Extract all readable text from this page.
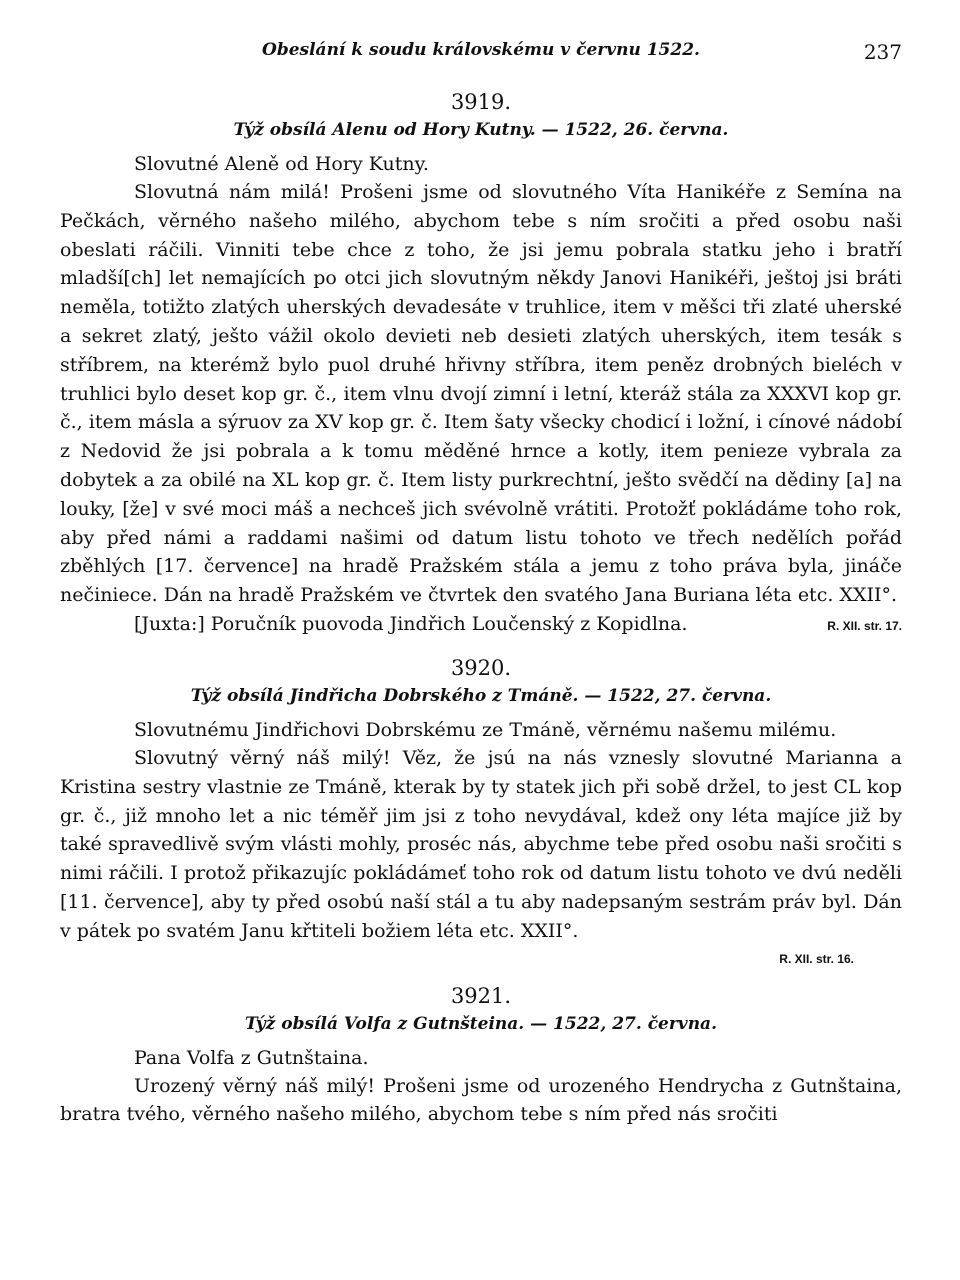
Obeslání k soudu královskému v červnu 1522.	237
3919.
Týž obsílá Alenu od Hory Kutny. — 1522, 26. června.

Slovutné Aleně od Hory Kutny.

Slovutná nám milá! Prošeni jsme od slovutného Víta Hanikéře z Semína na Pečkách, věrného našeho milého, abychom tebe s ním sročiti a před osobu naši obeslati ráčili. Vinniti tebe chce z toho, že jsi jemu pobrala statku jeho i bratří mladší[ch] let nemajících po otci jich slovutným někdy Janovi Hanikéři, ještoj jsi bráti neměla, totižto zlatých uherských devadesáte v truhlice, item v měšci tři zlaté uherské a sekret zlatý, ješto vážil okolo devieti neb desieti zlatých uherských, item tesák s stříbrem, na kterémž bylo puol druhé hřivny stříbra, item peněz drobných bieléch v truhlici bylo deset kop gr. č., item vlnu dvojí zimní i letní, kteráž stála za XXXVI kop gr. č., item másla a sýruov za XV kop gr. č. Item šaty všecky chodicí i ložní, i cínové nádobí z Nedovid že jsi pobrala a k tomu měděné hrnce a kotly, item penieze vybrala za dobytek a za obilé na XL kop gr. č. Item listy purkrechtní, ješto svědčí na dědiny [a] na louky, [že] v své moci máš a nechceš jich svévolně vrátiti. Protožť pokládáme toho rok, aby před námi a raddami našimi od datum listu tohoto ve třech nedělích pořád zběhlých [17. července] na hradě Pražském stála a jemu z toho práva byla, jináče nečiniece. Dán na hradě Pražském ve čtvrtek den svatého Jana Buriana léta etc. XXII°.

[Juxta:] Poručník puovoda Jindřich Loučenský z Kopidlna.	R. XII. str. 17.
3920.
Týž obsílá Jindřicha Dobrského z Tmáně. — 1522, 27. června.

Slovutnému Jindřichovi Dobrskému ze Tmáně, věrnému našemu milému.

Slovutný věrný náš milý! Věz, že jsú na nás vznesly slovutné Marianna a Kristina sestry vlastnie ze Tmáně, kterak by ty statek jich při sobě držel, to jest CL kop gr. č., již mnoho let a nic téměř jim jsi z toho nevydával, kdež ony léta majíce již by také spravedlivě svým vlásti mohly, proséc nás, abychme tebe před osobu naši sročiti s nimi ráčili. I protož přikazujíc pokládámeť toho rok od datum listu tohoto ve dvú neděli [11. července], aby ty před osobú naší stál a tu aby nadepsaným sestrám práv byl. Dán v pátek po svatém Janu křtiteli božiem léta etc. XXII°.

R. XII. str. 16.
3921.
Týž obsílá Volfa z Gutnšteina. — 1522, 27. června.

Pana Volfa z Gutnštaina.

Urozený věrný náš milý! Prošeni jsme od urozeného Hendrycha z Gutnštaina, bratra tvého, věrného našeho milého, abychom tebe s ním před nás sročiti
